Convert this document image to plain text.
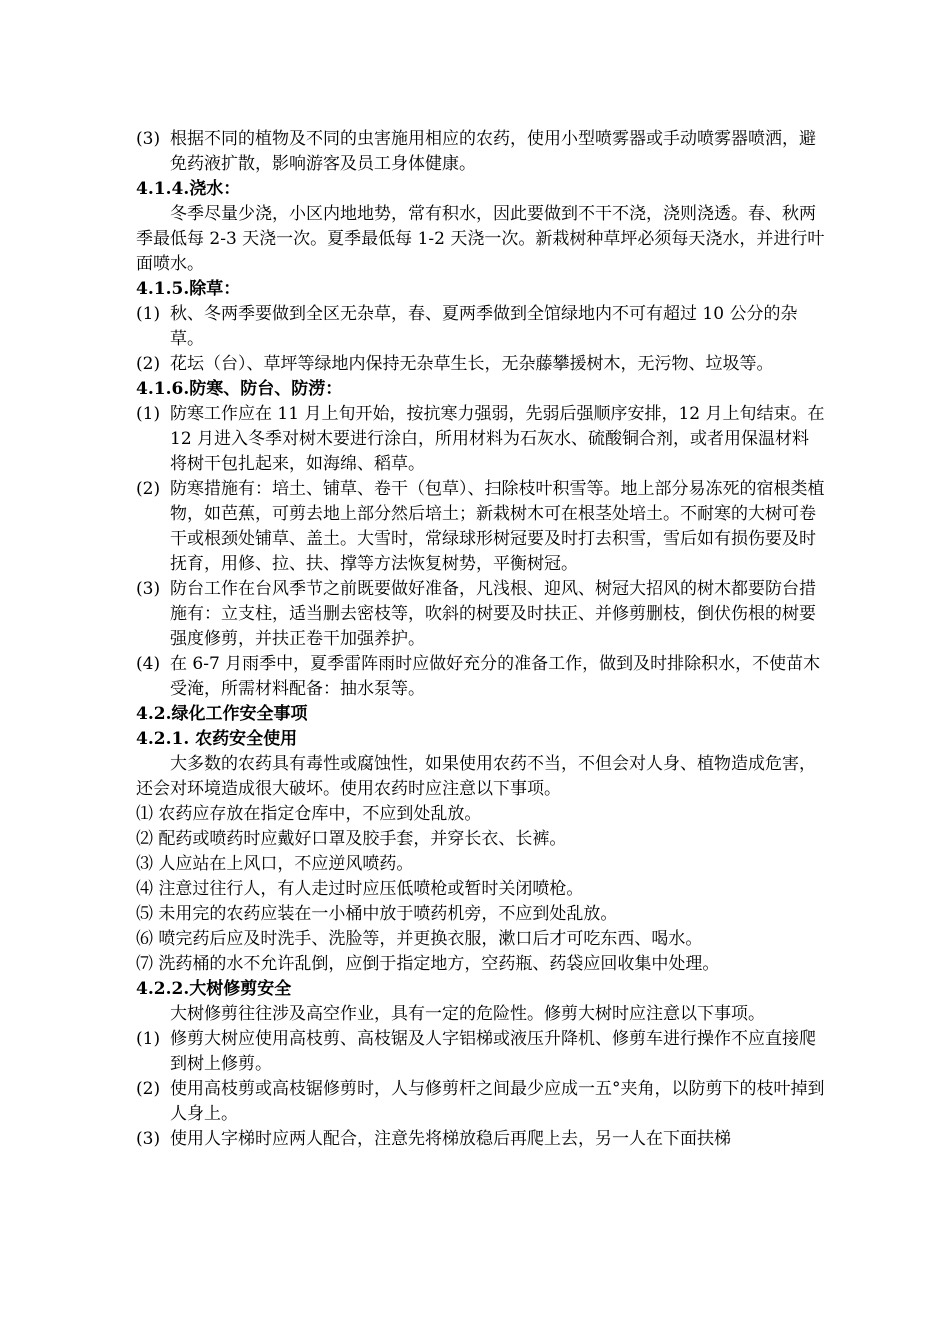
(3) 根据不同的植物及不同的虫害施用相应的农药，使用小型喷雾器或手动喷雾器喷洒，避免药液扩散，影响游客及员工身体健康。

4.1.4.浇水：

冬季尽量少浇，小区内地地势，常有积水，因此要做到不干不浇，浇则浇透。春、秋两季最低每 2-3 天浇一次。夏季最低每 1-2 天浇一次。新栽树种草坪必须每天浇水，并进行叶面喷水。

4.1.5.除草：

(1) 秋、冬两季要做到全区无杂草，春、夏两季做到全馆绿地内不可有超过 10 公分的杂草。
(2) 花坛（台）、草坪等绿地内保持无杂草生长，无杂藤攀援树木，无污物、垃圾等。

4.1.6.防寒、防台、防涝：

(1) 防寒工作应在 11 月上旬开始，按抗寒力强弱，先弱后强顺序安排，12 月上旬结束。在 12 月进入冬季对树木要进行涂白，所用材料为石灰水、硫酸铜合剂，或者用保温材料将树干包扎起来，如海绵、稻草。
(2) 防寒措施有：培土、铺草、卷干（包草）、扫除枝叶积雪等。地上部分易冻死的宿根类植物，如芭蕉，可剪去地上部分然后培土；新栽树木可在根茎处培土。不耐寒的大树可卷干或根颈处铺草、盖土。大雪时，常绿球形树冠要及时打去积雪，雪后如有损伤要及时抚育，用修、拉、扶、撑等方法恢复树势，平衡树冠。
(3) 防台工作在台风季节之前既要做好准备，凡浅根、迎风、树冠大招风的树木都要防台措施有：立支柱，适当删去密枝等，吹斜的树要及时扶正、并修剪删枝，倒伏伤根的树要强度修剪，并扶正卷干加强养护。
(4) 在 6-7 月雨季中，夏季雷阵雨时应做好充分的准备工作，做到及时排除积水，不使苗木受淹，所需材料配备：抽水泵等。

4.2.绿化工作安全事项

4.2.1. 农药安全使用

大多数的农药具有毒性或腐蚀性，如果使用农药不当，不但会对人身、植物造成危害，还会对环境造成很大破坏。使用农药时应注意以下事项。

⑴ 农药应存放在指定仓库中，不应到处乱放。

⑵ 配药或喷药时应戴好口罩及胶手套，并穿长衣、长裤。

⑶ 人应站在上风口，不应逆风喷药。

⑷ 注意过往行人，有人走过时应压低喷枪或暂时关闭喷枪。

⑸ 未用完的农药应装在一小桶中放于喷药机旁，不应到处乱放。

⑹ 喷完药后应及时洗手、洗脸等，并更换衣服，漱口后才可吃东西、喝水。

⑺ 洗药桶的水不允许乱倒，应倒于指定地方，空药瓶、药袋应回收集中处理。

4.2.2.大树修剪安全

大树修剪往往涉及高空作业，具有一定的危险性。修剪大树时应注意以下事项。

(1) 修剪大树应使用高枝剪、高枝锯及人字铝梯或液压升降机、修剪车进行操作不应直接爬到树上修剪。
(2) 使用高枝剪或高枝锯修剪时，人与修剪杆之间最少应成一五°夹角，以防剪下的枝叶掉到人身上。
(3) 使用人字梯时应两人配合，注意先将梯放稳后再爬上去，另一人在下面扶梯
